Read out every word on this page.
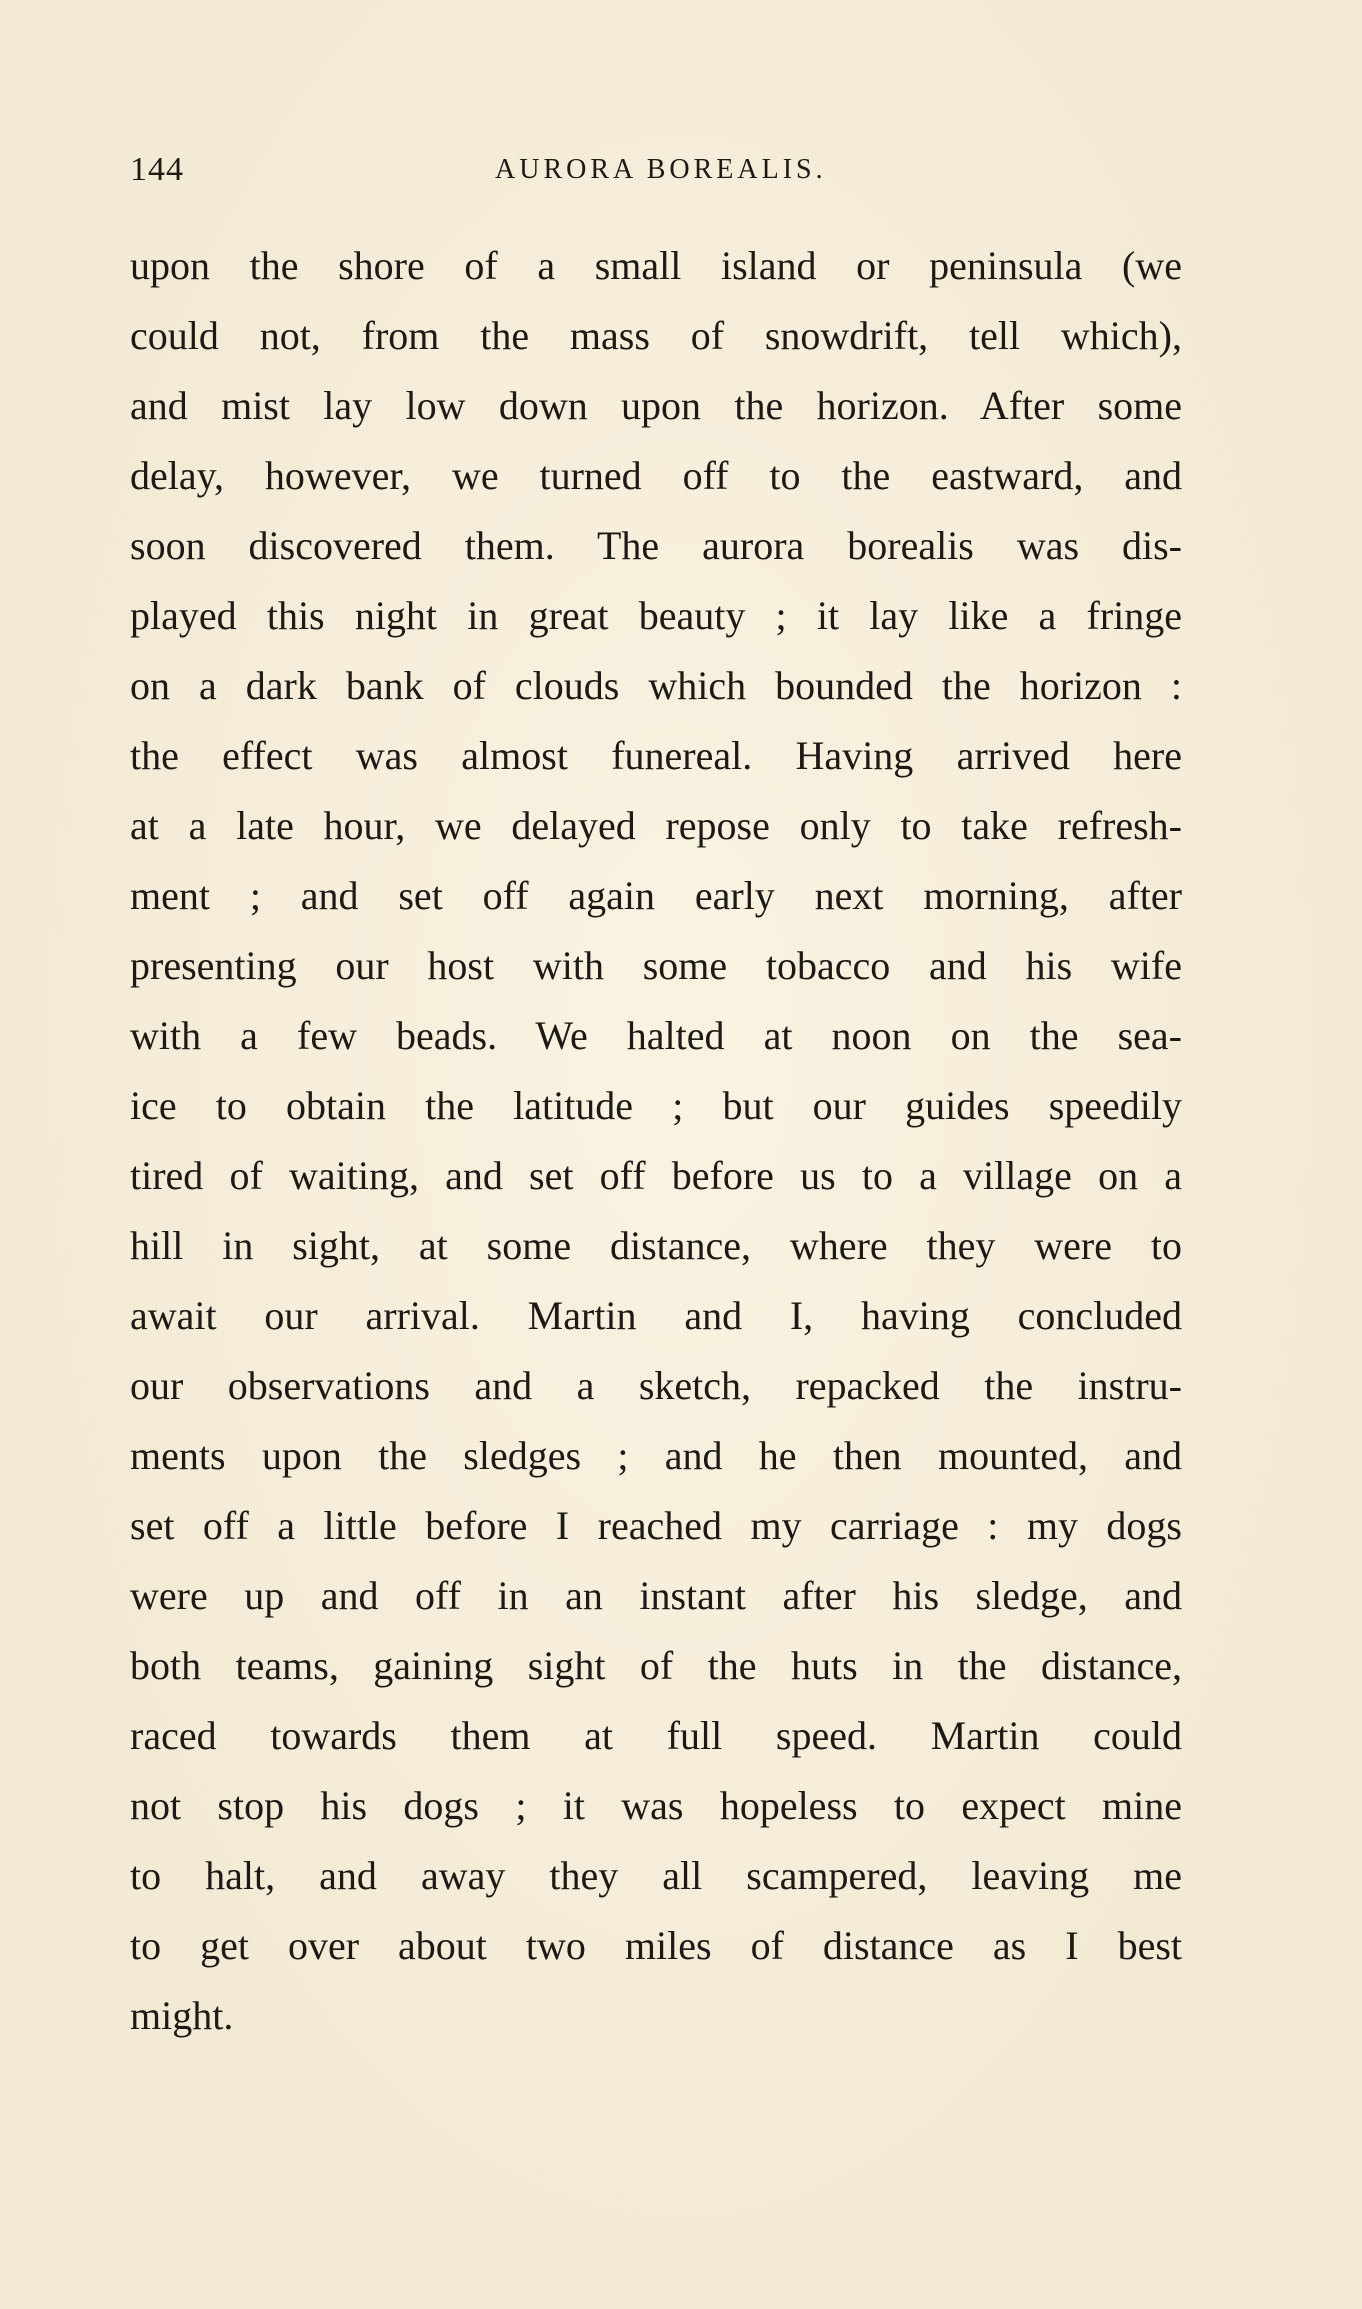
144	AURORA BOREALIS.
upon the shore of a small island or peninsula (we
could not, from the mass of snowdrift, tell which),
and mist lay low down upon the horizon. After some
delay, however, we turned off to the eastward, and
soon discovered them. The aurora borealis was dis-
played this night in great beauty ; it lay like a fringe
on a dark bank of clouds which bounded the horizon :
the effect was almost funereal. Having arrived here
at a late hour, we delayed repose only to take refresh-
ment ; and set off again early next morning, after
presenting our host with some tobacco and his wife
with a few beads. We halted at noon on the sea-
ice to obtain the latitude ; but our guides speedily
tired of waiting, and set off before us to a village on a
hill in sight, at some distance, where they were to
await our arrival. Martin and I, having concluded
our observations and a sketch, repacked the instru-
ments upon the sledges ; and he then mounted, and
set off a little before I reached my carriage : my dogs
were up and off in an instant after his sledge, and
both teams, gaining sight of the huts in the distance,
raced towards them at full speed. Martin could
not stop his dogs ; it was hopeless to expect mine
to halt, and away they all scampered, leaving me
to get over about two miles of distance as I best
might.
